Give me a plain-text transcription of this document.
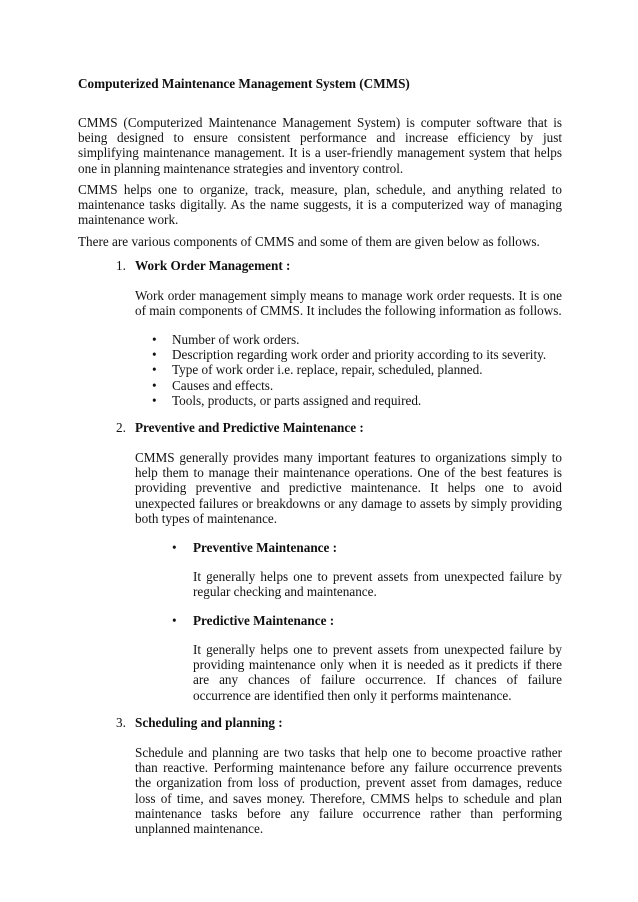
Computerized Maintenance Management System (CMMS)

CMMS (Computerized Maintenance Management System) is computer software that is being designed to ensure consistent performance and increase efficiency by just simplifying maintenance management. It is a user-friendly management system that helps one in planning maintenance strategies and inventory control.

CMMS helps one to organize, track, measure, plan, schedule, and anything related to maintenance tasks digitally. As the name suggests, it is a computerized way of managing maintenance work.

There are various components of CMMS and some of them are given below as follows.

1. Work Order Management :

Work order management simply means to manage work order requests. It is one of main components of CMMS. It includes the following information as follows.

• Number of work orders.
• Description regarding work order and priority according to its severity.
• Type of work order i.e. replace, repair, scheduled, planned.
• Causes and effects.
• Tools, products, or parts assigned and required.
2. Preventive and Predictive Maintenance :

CMMS generally provides many important features to organizations simply to help them to manage their maintenance operations. One of the best features is providing preventive and predictive maintenance. It helps one to avoid unexpected failures or breakdowns or any damage to assets by simply providing both types of maintenance.

• Preventive Maintenance :

It generally helps one to prevent assets from unexpected failure by regular checking and maintenance.

• Predictive Maintenance :

It generally helps one to prevent assets from unexpected failure by providing maintenance only when it is needed as it predicts if there are any chances of failure occurrence. If chances of failure occurrence are identified then only it performs maintenance.

3. Scheduling and planning :

Schedule and planning are two tasks that help one to become proactive rather than reactive. Performing maintenance before any failure occurrence prevents the organization from loss of production, prevent asset from damages, reduce loss of time, and saves money. Therefore, CMMS helps to schedule and plan maintenance tasks before any failure occurrence rather than performing unplanned maintenance.
